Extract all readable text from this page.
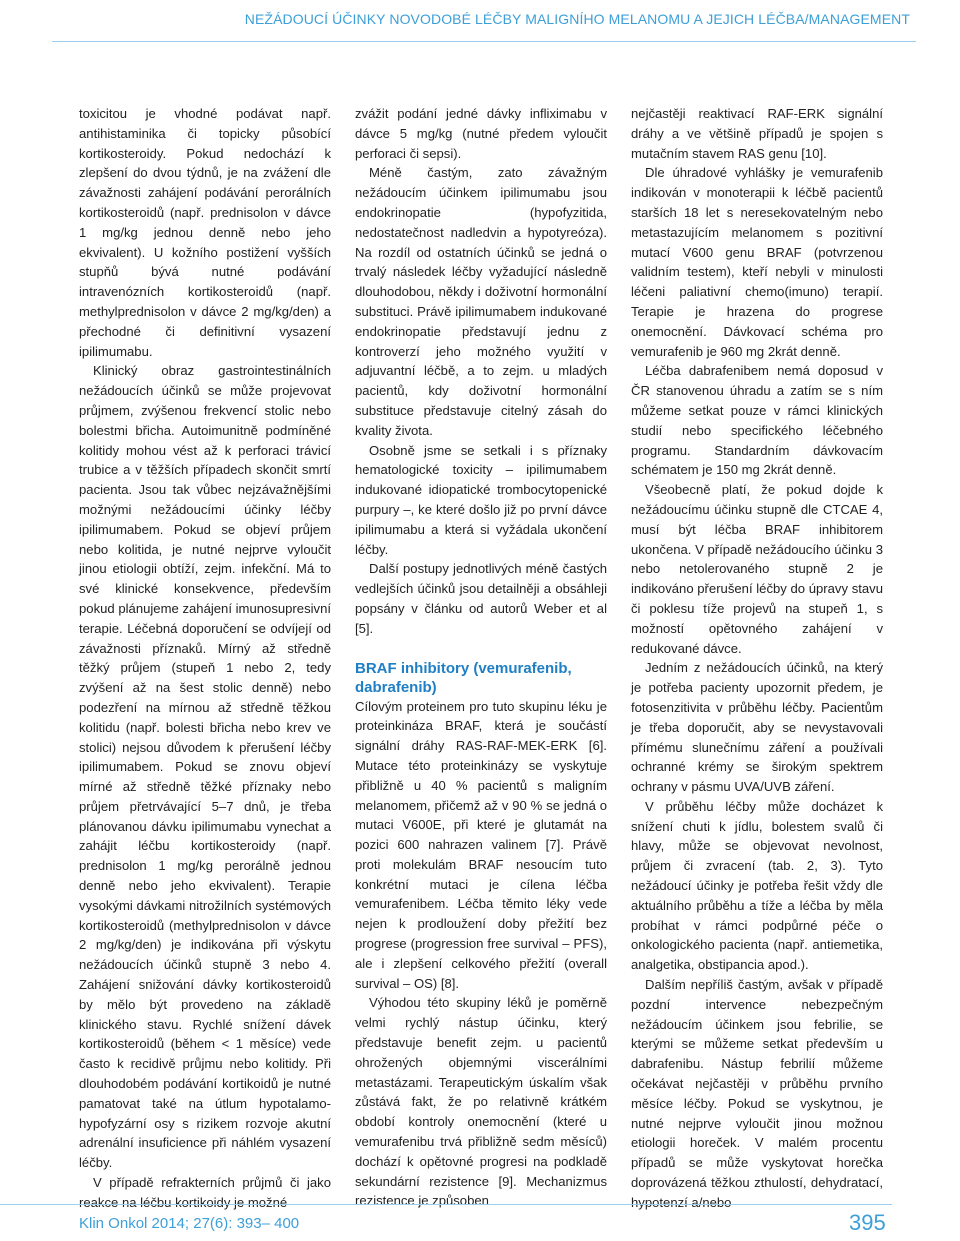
NEŽÁDOUCÍ ÚČINKY NOVODOBÉ LÉČBY MALIGNÍHO MELANOMU A JEJICH LÉČBA/MANAGEMENT

toxicitou je vhodné podávat např. antihistaminika či topicky působící kortikosteroidy. Pokud nedochází k zlepšení do dvou týdnů, je na zvážení dle závažnosti zahájení podávání perorálních kortikosteroidů (např. prednisolon v dávce 1 mg/kg jednou denně nebo jeho ekvivalent). U kožního postižení vyšších stupňů bývá nutné podávání intravenózních kortikosteroidů (např. methylprednisolon v dávce 2 mg/kg/den) a přechodné či definitivní vysazení ipilimumabu.

Klinický obraz gastrointestinálních nežádoucích účinků se může projevovat průjmem, zvýšenou frekvencí stolic nebo bolestmi břicha. Autoimunitně podmíněné kolitidy mohou vést až k perforaci trávicí trubice a v těžších případech skončit smrtí pacienta. Jsou tak vůbec nejzávažnějšími možnými nežádoucími účinky léčby ipilimumabem. Pokud se objeví průjem nebo kolitida, je nutné nejprve vyloučit jinou etiologii obtíží, zejm. infekční. Má to své klinické konsekvence, především pokud plánujeme zahájení imunosupresivní terapie. Léčebná doporučení se odvíjejí od závažnosti příznaků. Mírný až středně těžký průjem (stupeň 1 nebo 2, tedy zvýšení až na šest stolic denně) nebo podezření na mírnou až středně těžkou kolitidu (např. bolesti břicha nebo krev ve stolici) nejsou důvodem k přerušení léčby ipilimumabem. Pokud se znovu objeví mírné až středně těžké příznaky nebo průjem přetrvávající 5–7 dnů, je třeba plánovanou dávku ipilimumabu vynechat a zahájit léčbu kortikosteroidy (např. prednisolon 1 mg/kg perorálně jednou denně nebo jeho ekvivalent). Terapie vysokými dávkami nitrožilních systémových kortikosteroidů (methylprednisolon v dávce 2 mg/kg/den) je indikována při výskytu nežádoucích účinků stupně 3 nebo 4. Zahájení snižování dávky kortikosteroidů by mělo být provedeno na základě klinického stavu. Rychlé snížení dávek kortikosteroidů (během < 1 měsíce) vede často k recidivě průjmu nebo kolitidy. Při dlouhodobém podávání kortikoidů je nutné pamatovat také na útlum hypotalamo-hypofyzární osy s rizikem rozvoje akutní adrenální insuficience při náhlém vysazení léčby.

V případě refrakterních průjmů či jako reakce na léčbu kortikoidy je možné

zvážit podání jedné dávky infliximabu v dávce 5 mg/kg (nutné předem vyloučit perforaci či sepsi).

Méně častým, zato závažným nežádoucím účinkem ipilimumabu jsou endokrinopatie (hypofyzitida, nedostatečnost nadledvin a hypotyreóza). Na rozdíl od ostatních účinků se jedná o trvalý následek léčby vyžadující následně dlouhodobou, někdy i doživotní hormonální substituci. Právě ipilimumabem indukované endokrinopatie představují jednu z kontroverzí jeho možného využití v adjuvantní léčbě, a to zejm. u mladých pacientů, kdy doživotní hormonální substituce představuje citelný zásah do kvality života.

Osobně jsme se setkali i s příznaky hematologické toxicity – ipilimumabem indukované idiopatické trombocytopenické purpury –, ke které došlo již po první dávce ipilimumabu a která si vyžádala ukončení léčby.

Další postupy jednotlivých méně častých vedlejších účinků jsou detailněji a obsáhleji popsány v článku od autorů Weber et al [5].

BRAF inhibitory (vemurafenib, dabrafenib)

Cílovým proteinem pro tuto skupinu léku je proteinkináza BRAF, která je součástí signální dráhy RAS-RAF-MEK-ERK [6]. Mutace této proteinkinázy se vyskytuje přibližně u 40 % pacientů s maligním melanomem, přičemž až v 90 % se jedná o mutaci V600E, při které je glutamát na pozici 600 nahrazen valinem [7]. Právě proti molekulám BRAF nesoucím tuto konkrétní mutaci je cílena léčba vemurafenibem. Léčba těmito léky vede nejen k prodloužení doby přežití bez progrese (progression free survival – PFS), ale i zlepšení celkového přežití (overall survival – OS) [8].

Výhodou této skupiny léků je poměrně velmi rychlý nástup účinku, který představuje benefit zejm. u pacientů ohrožených objemnými viscerálními metastázami. Terapeutickým úskalím však zůstává fakt, že po relativně krátkém období kontroly onemocnění (které u vemurafenibu trvá přibližně sedm měsíců) dochází k opětovné progresi na podkladě sekundární rezistence [9]. Mechanizmus rezistence je způsoben

nejčastěji reaktivací RAF-ERK signální dráhy a ve většině případů je spojen s mutačním stavem RAS genu [10].

Dle úhradové vyhlášky je vemurafenib indikován v monoterapii k léčbě pacientů starších 18 let s neresekovatelným nebo metastazujícím melanomem s pozitivní mutací V600 genu BRAF (potvrzenou validním testem), kteří nebyli v minulosti léčeni paliativní chemo(imuno) terapií. Terapie je hrazena do progrese onemocnění. Dávkovací schéma pro vemurafenib je 960 mg 2krát denně.

Léčba dabrafenibem nemá doposud v ČR stanovenou úhradu a zatím se s ním můžeme setkat pouze v rámci klinických studií nebo specifického léčebného programu. Standardním dávkovacím schématem je 150 mg 2krát denně.

Všeobecně platí, že pokud dojde k nežádoucímu účinku stupně dle CTCAE 4, musí být léčba BRAF inhibitorem ukončena. V případě nežádoucího účinku 3 nebo netolerovaného stupně 2 je indikováno přerušení léčby do úpravy stavu či poklesu tíže projevů na stupeň 1, s možností opětovného zahájení v redukované dávce.

Jedním z nežádoucích účinků, na který je potřeba pacienty upozornit předem, je fotosenzitivita v průběhu léčby. Pacientům je třeba doporučit, aby se nevystavovali přímému slunečnímu záření a používali ochranné krémy se širokým spektrem ochrany v pásmu UVA/UVB záření.

V průběhu léčby může docházet k snížení chuti k jídlu, bolestem svalů či hlavy, může se objevovat nevolnost, průjem či zvracení (tab. 2, 3). Tyto nežádoucí účinky je potřeba řešit vždy dle aktuálního průběhu a tíže a léčba by měla probíhat v rámci podpůrné péče o onkologického pacienta (např. antiemetika, analgetika, obstipancia apod.).

Dalším nepříliš častým, avšak v případě pozdní intervence nebezpečným nežádoucím účinkem jsou febrilie, se kterými se můžeme setkat především u dabrafenibu. Nástup febrilií můžeme očekávat nejčastěji v průběhu prvního měsíce léčby. Pokud se vyskytnou, je nutné nejprve vyloučit jinou možnou etiologii horeček. V malém procentu případů se může vyskytovat horečka doprovázená těžkou zthulostí, dehydratací, hypotenzí a/nebo

Klin Onkol 2014; 27(6): 393– 400	395
